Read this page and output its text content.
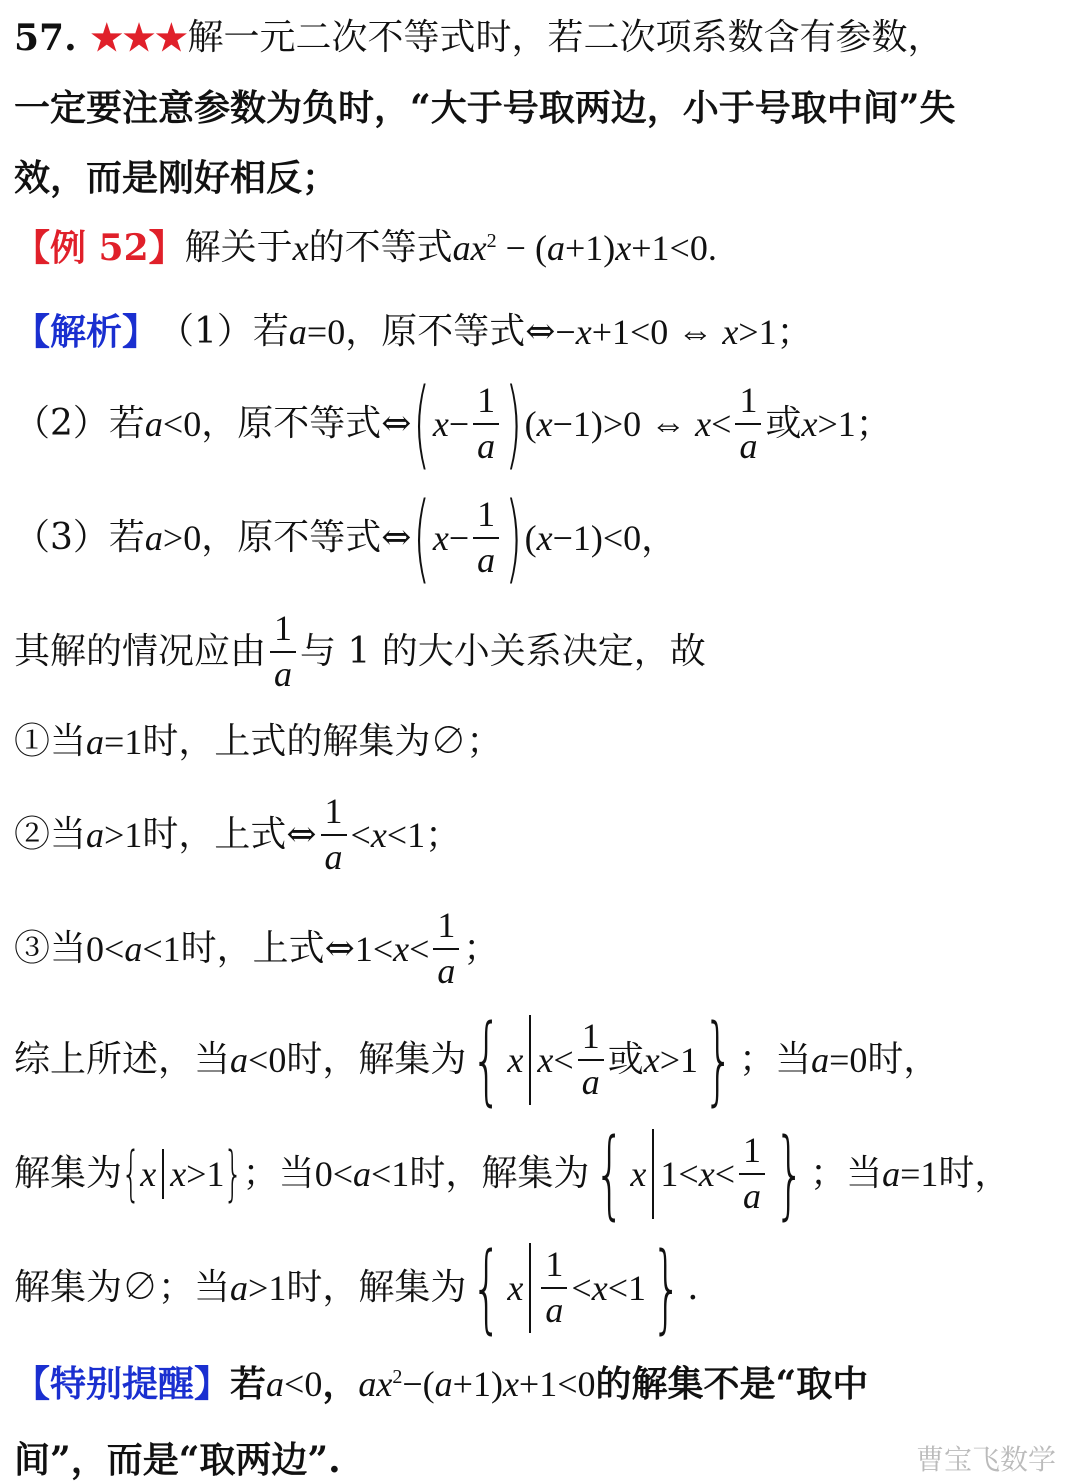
57. ★★★ 解一元二次不等式时，若二次项系数含有参数，
一定要注意参数为负时，“大于号取两边，小于号取中间”失
效，而是刚好相反；
【例 52】 解关于 x 的不等式 $ax^2 - (a+1)x+1<0$.
【解析】 （1）若 a=0 ，原不等式⇔ −x+1<0 ⇔ x>1；
（2）若 a<0 ，原不等式⇔ ( $x - \frac{1}{a}$ ) (x−1)>0 ⇔ $x< \frac{1}{a}$ 或 x>1；
（3）若 a>0 ，原不等式⇔ ( $x - \frac{1}{a}$ ) (x−1)<0，
其解的情况应由 $\frac{1}{a}$ 与 1 的大小关系决定，故
①当 a=1 时，上式的解集为∅；
②当 a>1 时，上式⇔ $\frac{1}{a} <x<1$；
③当 0<a<1 时，上式⇔ $1<x< \frac{1}{a}$ ；
综上所述，当 a<0 时，解集为 { x $x< \frac{1}{a}$ 或 x>1 } ；当 a=0 时，
解集为 { x x>1 } ；当 0<a<1 时，解集为 { x $1<x< \frac{1}{a}$ } ；当 a=1 时，
解集为∅；当 a>1 时，解集为 { x $\frac{1}{a} <x<1$ } .
【特别提醒】 若 a<0 ， $ax^2-(a+1)x+1<0$ 的解集不是“取中
间”，而是“取两边”.	曹宝飞数学
